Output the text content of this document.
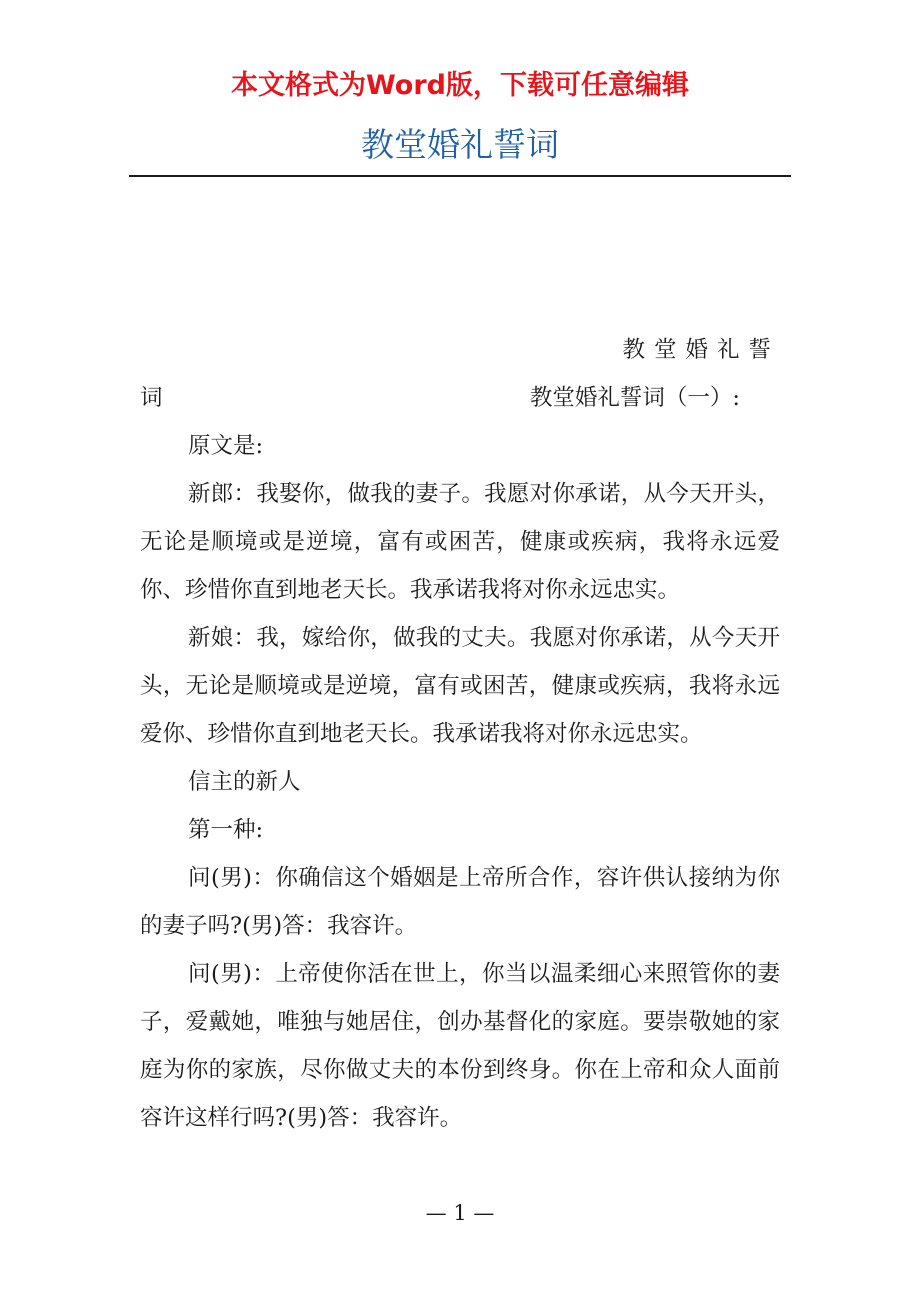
本文格式为Word版，下载可任意编辑
教堂婚礼誓词
教堂婚礼誓
词	教堂婚礼誓词（一）:

原文是:

新郎：我娶你，做我的妻子。我愿对你承诺，从今天开头，无论是顺境或是逆境，富有或困苦，健康或疾病，我将永远爱你、珍惜你直到地老天长。我承诺我将对你永远忠实。

新娘：我，嫁给你，做我的丈夫。我愿对你承诺，从今天开头，无论是顺境或是逆境，富有或困苦，健康或疾病，我将永远爱你、珍惜你直到地老天长。我承诺我将对你永远忠实。

信主的新人

第一种:

问(男)：你确信这个婚姻是上帝所合作，容许供认接纳为你的妻子吗?(男)答：我容许。

问(男)：上帝使你活在世上，你当以温柔细心来照管你的妻子，爱戴她，唯独与她居住，创办基督化的家庭。要崇敬她的家庭为你的家族，尽你做丈夫的本份到终身。你在上帝和众人面前容许这样行吗?(男)答：我容许。

— 1 —
